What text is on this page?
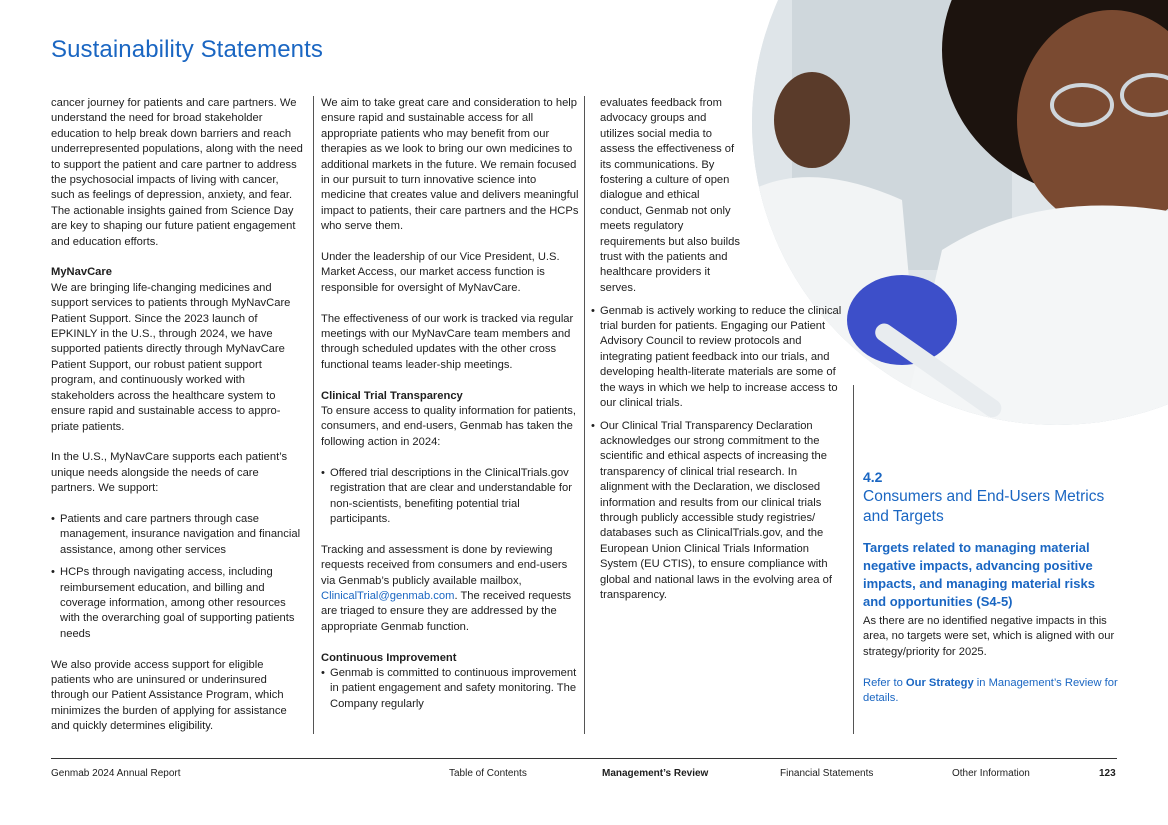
Sustainability Statements

cancer journey for patients and care partners. We understand the need for broad stakeholder education to help break down barriers and reach underrepresented populations, along with the need to support the patient and care partner to address the psychosocial impacts of living with cancer, such as feelings of depression, anxiety, and fear. The actionable insights gained from Science Day are key to shaping our future patient engagement and education efforts.

MyNavCare

We are bringing life-changing medicines and support services to patients through MyNavCare Patient Support. Since the 2023 launch of EPKINLY in the U.S., through 2024, we have supported patients directly through MyNavCare Patient Support, our robust patient support program, and continuously worked with stakeholders across the healthcare system to ensure rapid and sustainable access to appro-priate patients.

In the U.S., MyNavCare supports each patient’s unique needs alongside the needs of care partners. We support:

• Patients and care partners through case management, insurance navigation and financial assistance, among other services
• HCPs through navigating access, including reimbursement education, and billing and coverage information, among other resources with the overarching goal of supporting patients needs

We also provide access support for eligible patients who are uninsured or underinsured through our Patient Assistance Program, which minimizes the burden of applying for assistance and quickly determines eligibility.

We aim to take great care and consideration to help ensure rapid and sustainable access for all appropriate patients who may benefit from our therapies as we look to bring our own medicines to additional markets in the future. We remain focused in our pursuit to turn innovative science into medicine that creates value and delivers meaningful impact to patients, their care partners and the HCPs who serve them.

Under the leadership of our Vice President, U.S. Market Access, our market access function is responsible for oversight of MyNavCare.

The effectiveness of our work is tracked via regular meetings with our MyNavCare team members and through scheduled updates with the other cross functional teams leader-ship meetings.

Clinical Trial Transparency

To ensure access to quality information for patients, consumers, and end-users, Genmab has taken the following action in 2024:

• Offered trial descriptions in the ClinicalTrials.gov registration that are clear and understandable for non-scientists, benefiting potential trial participants.

Tracking and assessment is done by reviewing requests received from consumers and end-users via Genmab’s publicly available mailbox, ClinicalTrial@genmab.com. The received requests are triaged to ensure they are addressed by the appropriate Genmab function.

Continuous Improvement
• Genmab is committed to continuous improvement in patient engagement and safety monitoring. The Company regularly

evaluates feedback from advocacy groups and utilizes social media to assess the effectiveness of its communications. By fostering a culture of open dialogue and ethical conduct, Genmab not only meets regulatory requirements but also builds trust with the patients and healthcare providers it serves.

• Genmab is actively working to reduce the clinical trial burden for patients. Engaging our Patient Advisory Council to review protocols and integrating patient feedback into our trials, and developing health-literate materials are some of the ways in which we help to increase access to our clinical trials.
• Our Clinical Trial Transparency Declaration acknowledges our strong commitment to the scientific and ethical aspects of increasing the transparency of clinical trial research. In alignment with the Declaration, we disclosed information and results from our clinical trials through publicly accessible study registries/ databases such as ClinicalTrials.gov, and the European Union Clinical Trials Information System (EU CTIS), to ensure compliance with global and national laws in the evolving area of transparency.
4.2
Consumers and End-Users Metrics and Targets
Targets related to managing material negative impacts, advancing positive impacts, and managing material risks and opportunities (S4-5)
As there are no identified negative impacts in this area, no targets were set, which is aligned with our strategy/priority for 2025.
Refer to Our Strategy in Management’s Review for details.
Genmab 2024 Annual Report	Table of Contents	Management’s Review	Financial Statements	Other Information	123
